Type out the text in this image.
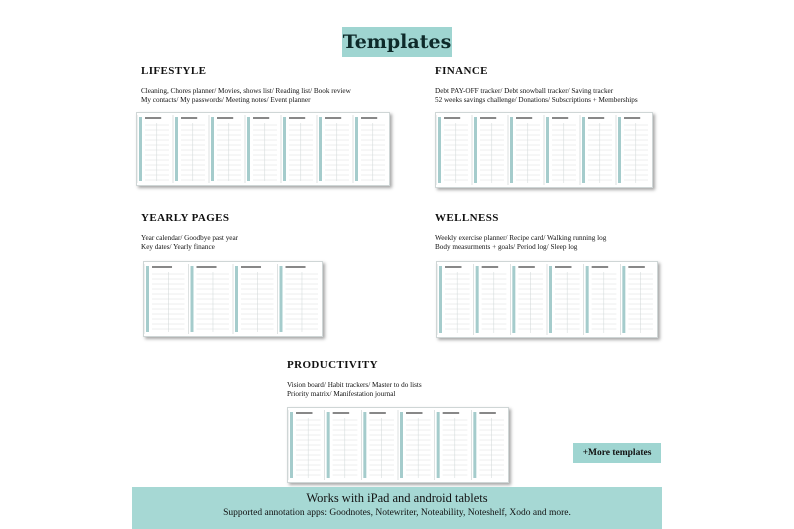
Templates
LIFESTYLE
Cleaning, Chores planner/ Movies, shows list/ Reading list/ Book review
My contacts/ My passwords/ Meeting notes/ Event planner
FINANCE
Debt PAY-OFF tracker/ Debt snowball tracker/ Saving tracker
52 weeks savings challenge/ Donations/ Subscriptions + Memberships
YEARLY PAGES
Year calendar/ Goodbye past year
Key dates/ Yearly finance
WELLNESS
Weekly exercise planner/ Recipe card/ Walking running log
Body measurments + goals/ Period log/ Sleep log
PRODUCTIVITY
Vision board/ Habit trackers/ Master to do lists
Priority matrix/ Manifestation journal
+More templates
Works with iPad and android tablets
Supported annotation apps: Goodnotes, Notewriter, Noteability, Noteshelf, Xodo and more.
